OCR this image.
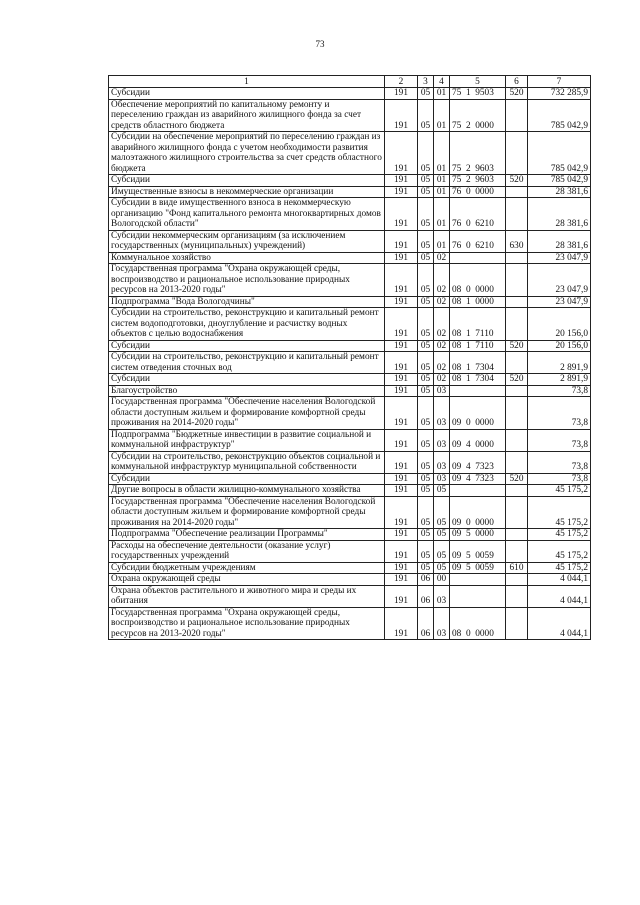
73
1	2	3	4	5	6	7
Субсидии	191	05	01	75  1  9503	520	732 285,9
Обеспечение мероприятий по капитальному ремонту и переселению граждан из аварийного жилищного фонда за счет средств областного бюджета	191	05	01	75  2  0000		785 042,9
Субсидии на обеспечение мероприятий по переселению граждан из аварийного жилищного фонда с учетом необходимости развития малоэтажного жилищного строительства за счет средств областного бюджета	191	05	01	75  2  9603		785 042,9
Субсидии	191	05	01	75  2  9603	520	785 042,9
Имущественные взносы в некоммерческие организации	191	05	01	76  0  0000		28 381,6
Субсидии в виде имущественного взноса в некоммерческую организацию "Фонд капитального ремонта многоквартирных домов Вологодской области"	191	05	01	76  0  6210		28 381,6
Субсидии некоммерческим организациям (за исключением государственных (муниципальных) учреждений)	191	05	01	76  0  6210	630	28 381,6
Коммунальное хозяйство	191	05	02			23 047,9
Государственная программа "Охрана окружающей среды, воспроизводство и рациональное использование природных ресурсов на 2013-2020 годы"	191	05	02	08  0  0000		23 047,9
Подпрограмма "Вода Вологодчины"	191	05	02	08  1  0000		23 047,9
Субсидии на строительство, реконструкцию и капитальный ремонт систем водоподготовки, дноуглубление и расчистку водных объектов с целью водоснабжения	191	05	02	08  1  7110		20 156,0
Субсидии	191	05	02	08  1  7110	520	20 156,0
Субсидии на строительство, реконструкцию и капитальный ремонт систем отведения сточных вод	191	05	02	08  1  7304		2 891,9
Субсидии	191	05	02	08  1  7304	520	2 891,9
Благоустройство	191	05	03			73,8
Государственная программа "Обеспечение населения Вологодской области доступным жильем и формирование комфортной среды проживания на 2014-2020 годы"	191	05	03	09  0  0000		73,8
Подпрограмма "Бюджетные инвестиции в развитие социальной и коммунальной инфраструктур"	191	05	03	09  4  0000		73,8
Субсидии на строительство, реконструкцию объектов социальной и коммунальной инфраструктур муниципальной собственности	191	05	03	09  4  7323		73,8
Субсидии	191	05	03	09  4  7323	520	73,8
Другие вопросы в области жилищно-коммунального хозяйства	191	05	05			45 175,2
Государственная программа "Обеспечение населения Вологодской области доступным жильем и формирование комфортной среды проживания на 2014-2020 годы"	191	05	05	09  0  0000		45 175,2
Подпрограмма "Обеспечение реализации Программы"	191	05	05	09  5  0000		45 175,2
Расходы на обеспечение деятельности (оказание услуг) государственных учреждений	191	05	05	09  5  0059		45 175,2
Субсидии бюджетным учреждениям	191	05	05	09  5  0059	610	45 175,2
Охрана окружающей среды	191	06	00			4 044,1
Охрана объектов растительного и животного мира и среды их обитания	191	06	03			4 044,1
Государственная программа "Охрана окружающей среды, воспроизводство и рациональное использование природных ресурсов на 2013-2020 годы"	191	06	03	08  0  0000		4 044,1
